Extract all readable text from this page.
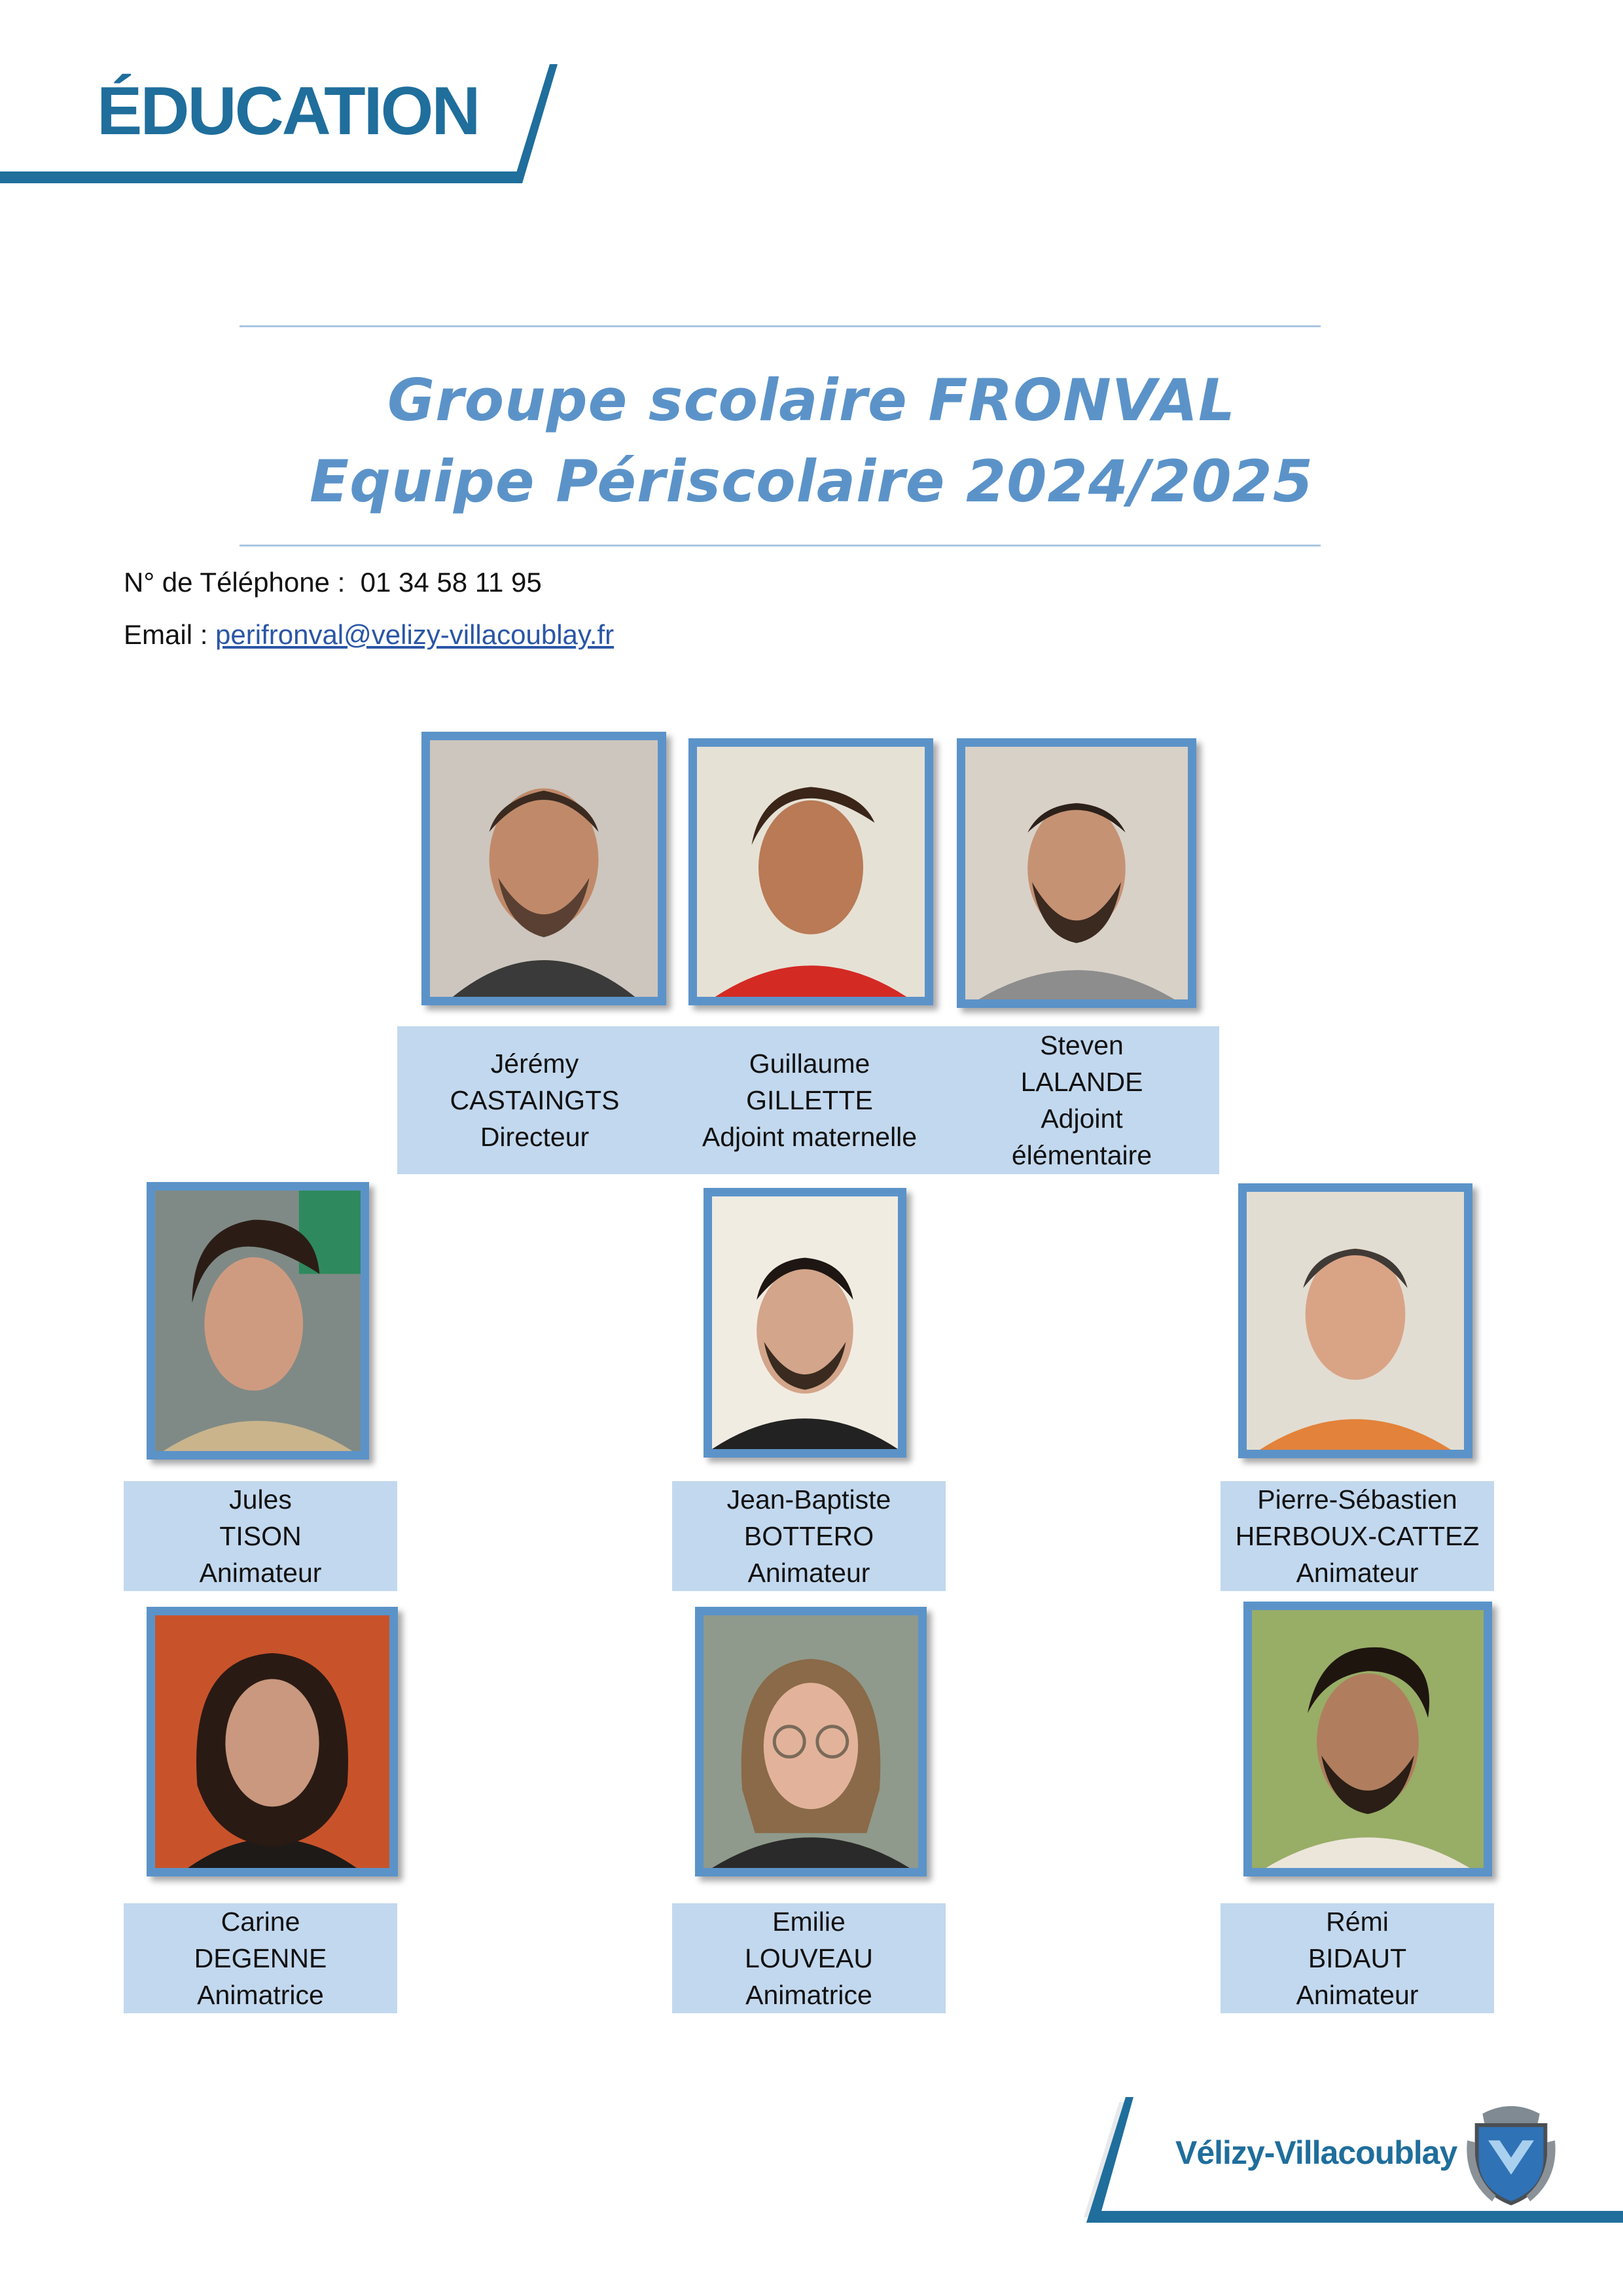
ÉDUCATION
Groupe scolaire FRONVAL
Equipe Périscolaire 2024/2025
N° de Téléphone : 01 34 58 11 95
Email : perifronval@velizy-villacoublay.fr
Jérémy
CASTAINGTS
Directeur
Guillaume
GILLETTE
Adjoint maternelle
Steven
LALANDE
Adjoint
élémentaire
Jules
TISON
Animateur
Jean-Baptiste
BOTTERO
Animateur
Pierre-Sébastien
HERBOUX-CATTEZ
Animateur
Carine
DEGENNE
Animatrice
Emilie
LOUVEAU
Animatrice
Rémi
BIDAUT
Animateur
Vélizy-Villacoublay
